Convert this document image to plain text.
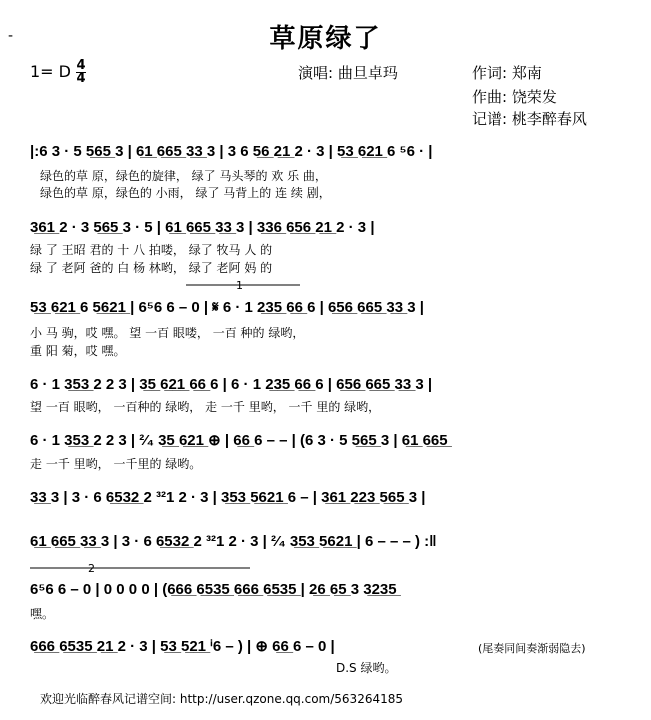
-	草原绿了
1= D 4
4	演唱: 曲旦卓玛	作词: 郑南
作曲: 饶荣发
记谱: 桃李醉春风
|:6 3 · 5 5̲6̲5̲ 3 | 6̲1̲ 6̲6̲5̲ 3̲3̲ 3 | 3 6 5̲6̲ 2̲1̲ 2 · 3 | 5̲3̲ 6̲2̲1̲ 6 ⁵6 · |
绿色的草 原，绿色的旋律， 绿了 马头琴的 欢 乐 曲，
绿色的草 原，绿色的 小雨， 绿了 马背上的 连 续 剧，
3̲6̲1̲ 2 · 3 5̲6̲5̲ 3 · 5 | 6̲1̲ 6̲6̲5̲ 3̲3̲ 3 | 3̲3̲6̲ 6̲5̲6̲ 2̲1̲ 2 · 3 |
绿 了 王昭 君的 十 八 拍喽， 绿了 牧马 人 的
绿 了 老阿 爸的 白 杨 林哟， 绿了 老阿 妈 的
1
5̲3̲ 6̲2̲1̲ 6 5̲6̲2̲1̲ | 6⁵6 6 – 0 | 𝄋 6 · 1 2̲3̲5̲ 6̲6̲ 6 | 6̲5̲6̲ 6̲6̲5̲ 3̲3̲ 3 |
小 马 驹，哎 嘿。 望 一百 眼喽， 一百 种的 绿哟，
重 阳 菊，哎 嘿。
6 · 1 3̲5̲3̲ 2 2 3 | 3̲5̲ 6̲2̲1̲ 6̲6̲ 6 | 6 · 1 2̲3̲5̲ 6̲6̲ 6 | 6̲5̲6̲ 6̲6̲5̲ 3̲3̲ 3 |
望 一百 眼哟， 一百种的 绿哟， 走 一千 里哟， 一千 里的 绿哟，
6 · 1 3̲5̲3̲ 2 2 3 | ²⁄₄ 3̲5̲ 6̲2̲1̲ ⊕ | 6̲6̲ 6 – – | (6 3 · 5 5̲6̲5̲ 3 | 6̲1̲ 6̲6̲5̲
走 一千 里哟， 一千里的 绿哟。
3̲3̲ 3 | 3 · 6 6̲5̲3̲2̲ 2 ³²1 2 · 3 | 3̲5̲3̲ 5̲6̲2̲1̲ 6 – | 3̲6̲1̲ 2̲2̲3̲ 5̲6̲5̲ 3 |
6̲1̲ 6̲6̲5̲ 3̲3̲ 3 | 3 · 6 6̲5̲3̲2̲ 2 ³²1 2 · 3 | ²⁄₄ 3̲5̲3̲ 5̲6̲2̲1̲ | 6 – – – ) :‖
2
6⁵6 6 – 0 | 0 0 0 0 | (6̲6̲6̲ 6̲5̲3̲5̲ 6̲6̲6̲ 6̲5̲3̲5̲ | 2̲6̲ 6̲5̲ 3 3̲2̲3̲5̲
嘿。
6̲6̲6̲ 6̲5̲3̲5̲ 2̲1̲ 2 · 3 | 5̲3̲ 5̲2̲1̲ ⁱ6 – ) | ⊕ 6̲6̲ 6 – 0 |
D.S 绿哟。
(尾奏同间奏渐弱隐去)
欢迎光临醉春风记谱空间: http://user.qzone.qq.com/563264185
